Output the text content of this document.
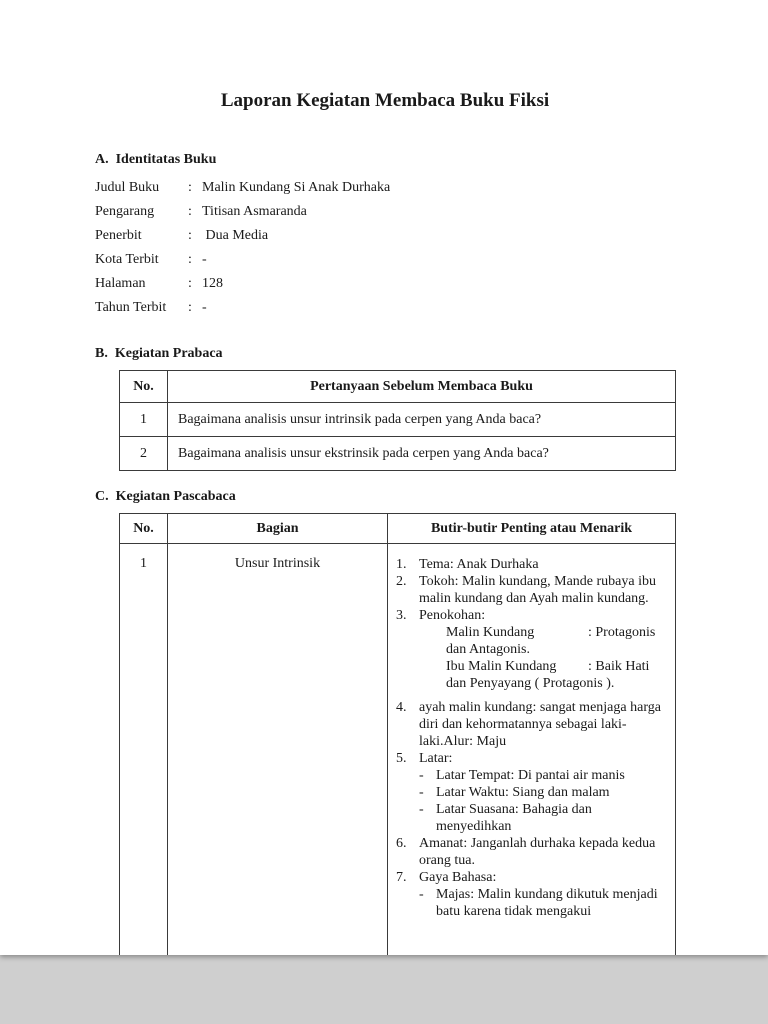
Laporan Kegiatan Membaca Buku Fiksi
A.  Identitatas Buku
Judul Buku	: Malin Kundang Si Anak Durhaka
Pengarang	: Titisan Asmaranda
Penerbit	: Dua Media
Kota Terbit	: -
Halaman	: 128
Tahun Terbit	: -
B.  Kegiatan Prabaca
No.	Pertanyaan Sebelum Membaca Buku
1	Bagaimana analisis unsur intrinsik pada cerpen yang Anda baca?
2	Bagaimana analisis unsur ekstrinsik pada cerpen yang Anda baca?
C.  Kegiatan Pascabaca
No.	Bagian	Butir-butir Penting atau Menarik
1	Unsur Intrinsik	1. Tema: Anak Durhaka
2. Tokoh: Malin kundang, Mande rubaya ibu malin kundang dan Ayah malin kundang.
3. Penokohan:
Malin Kundang	: Protagonis dan Antagonis.
Ibu Malin Kundang : Baik Hati dan Penyayang ( Protagonis ).
4. ayah malin kundang: sangat menjaga harga diri dan kehormatannya sebagai laki-laki.Alur: Maju
5. Latar:
- Latar Tempat: Di pantai air manis
- Latar Waktu: Siang dan malam
- Latar Suasana: Bahagia dan menyedihkan
6. Amanat: Janganlah durhaka kepada kedua orang tua.
7. Gaya Bahasa:
- Majas: Malin kundang dikutuk menjadi batu karena tidak mengakui
